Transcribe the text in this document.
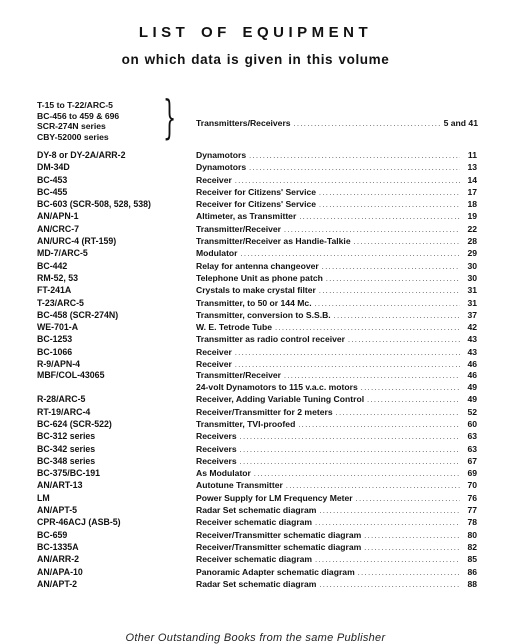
LIST OF EQUIPMENT
on which data is given in this volume
T-15 to T-22/ARC-5
BC-456 to 459 & 696
SCR-274N series
CBY-52000 series	} Transmitters/Receivers .....	5 and 41
DY-8 or DY-2A/ARR-2	Dynamotors .....	11
DM-34D	Dynamotors .....	13
BC-453	Receiver .....	14
BC-455	Receiver for Citizens' Service .....	17
BC-603 (SCR-508, 528, 538)	Receiver for Citizens' Service .....	18
AN/APN-1	Altimeter, as Transmitter .....	19
AN/CRC-7	Transmitter/Receiver .....	22
AN/URC-4 (RT-159)	Transmitter/Receiver as Handie-Talkie .....	28
MD-7/ARC-5	Modulator .....	29
BC-442	Relay for antenna changeover .....	30
RM-52, 53	Telephone Unit as phone patch .....	30
FT-241A	Crystals to make crystal filter .....	31
T-23/ARC-5	Transmitter, to 50 or 144 Mc. .....	31
BC-458 (SCR-274N)	Transmitter, conversion to S.S.B. .....	37
WE-701-A	W. E. Tetrode Tube .....	42
BC-1253	Transmitter as radio control receiver .....	43
BC-1066	Receiver .....	43
R-9/APN-4	Receiver .....	46
MBF/COL-43065	Transmitter/Receiver .....	46
24-volt Dynamotors to 115 v.a.c. motors .....	49
R-28/ARC-5	Receiver, Adding Variable Tuning Control .....	49
RT-19/ARC-4	Receiver/Transmitter for 2 meters .....	52
BC-624 (SCR-522)	Transmitter, TVI-proofed .....	60
BC-312 series	Receivers .....	63
BC-342 series	Receivers .....	63
BC-348 series	Receivers .....	67
BC-375/BC-191	As Modulator .....	69
AN/ART-13	Autotune Transmitter .....	70
LM	Power Supply for LM Frequency Meter .....	76
AN/APT-5	Radar Set schematic diagram .....	77
CPR-46ACJ (ASB-5)	Receiver schematic diagram .....	78
BC-659	Receiver/Transmitter schematic diagram .....	80
BC-1335A	Receiver/Transmitter schematic diagram .....	82
AN/ARR-2	Receiver schematic diagram .....	85
AN/APA-10	Panoramic Adapter schematic diagram .....	86
AN/APT-2	Radar Set schematic diagram .....	88
Other Outstanding Books from the same Publisher
